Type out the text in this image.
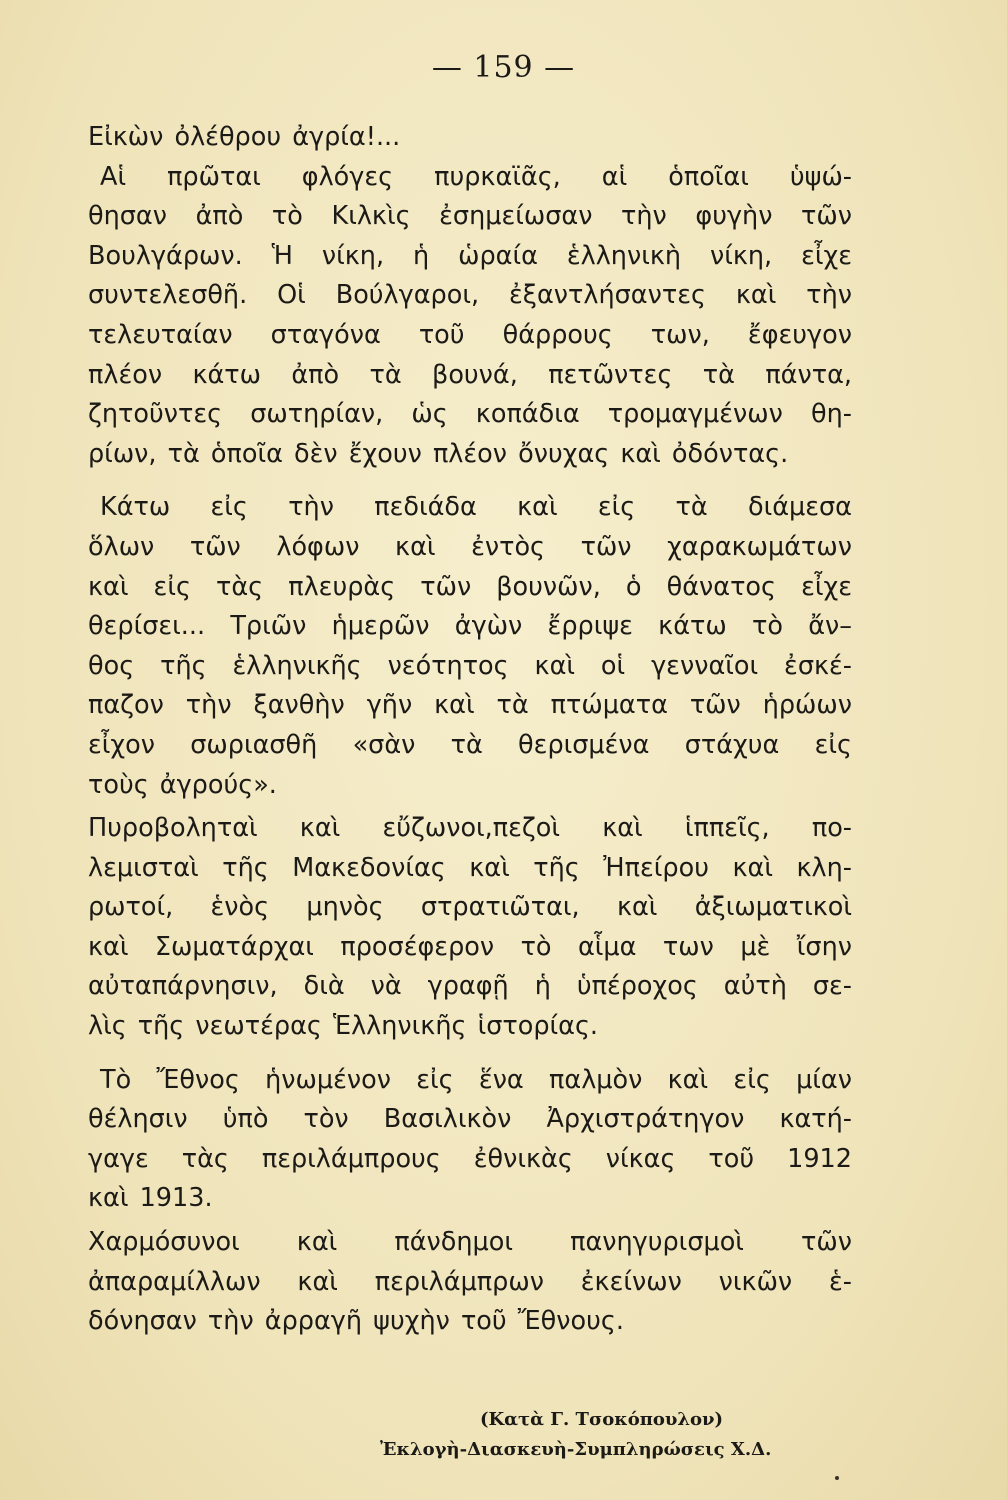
— 159 —
Εἰκὼν ὀλέθρου ἀγρία!...
Αἱ πρῶται φλόγες πυρκαϊᾶς, αἱ ὁποῖαι ὑψώ-
θησαν ἀπὸ τὸ Κιλκὶς ἐσημείωσαν τὴν φυγὴν τῶν
Βουλγάρων. Ἡ νίκη, ἡ ὡραία ἑλληνικὴ νίκη, εἶχε
συντελεσθῆ. Οἱ Βούλγαροι, ἐξαντλήσαντες καὶ τὴν
τελευταίαν σταγόνα τοῦ θάρρους των, ἔφευγον
πλέον κάτω ἀπὸ τὰ βουνά, πετῶντες τὰ πάντα,
ζητοῦντες σωτηρίαν, ὡς κοπάδια τρομαγμένων θη-
ρίων, τὰ ὁποῖα δὲν ἔχουν πλέον ὄνυχας καὶ ὀδόντας.
Κάτω εἰς τὴν πεδιάδα καὶ εἰς τὰ διάμεσα
ὅλων τῶν λόφων καὶ ἐντὸς τῶν χαρακωμάτων
καὶ εἰς τὰς πλευρὰς τῶν βουνῶν, ὁ θάνατος εἶχε
θερίσει... Τριῶν ἡμερῶν ἀγὼν ἔρριψε κάτω τὸ ἄν–
θος τῆς ἑλληνικῆς νεότητος καὶ οἱ γενναῖοι ἐσκέ-
παζον τὴν ξανθὴν γῆν καὶ τὰ πτώματα τῶν ἡρώων
εἶχον σωριασθῆ «σὰν τὰ θερισμένα στάχυα εἰς
τοὺς ἀγρούς».
Πυροβοληταὶ καὶ εὔζωνοι,πεζοὶ καὶ ἱππεῖς, πο-
λεμισταὶ τῆς Μακεδονίας καὶ τῆς Ἠπείρου καὶ κλη-
ρωτοί, ἑνὸς μηνὸς στρατιῶται, καὶ ἀξιωματικοὶ
καὶ Σωματάρχαι προσέφερον τὸ αἷμα των μὲ ἴσην
αὐταπάρνησιν, διὰ νὰ γραφῇ ἡ ὑπέροχος αὐτὴ σε-
λὶς τῆς νεωτέρας Ἑλληνικῆς ἱστορίας.
Τὸ Ἔθνος ἡνωμένον εἰς ἕνα παλμὸν καὶ εἰς μίαν
θέλησιν ὑπὸ τὸν Βασιλικὸν Ἀρχιστράτηγον κατή-
γαγε τὰς περιλάμπρους ἐθνικὰς νίκας τοῦ 1912
καὶ 1913.
Χαρμόσυνοι καὶ πάνδημοι πανηγυρισμοὶ τῶν
ἀπαραμίλλων καὶ περιλάμπρων ἐκείνων νικῶν ἑ-
δόνησαν τὴν ἀρραγῆ ψυχὴν τοῦ Ἔθνους.
(Κατὰ Γ. Τσοκόπουλον)
Ἐκλογὴ-Διασκευὴ-Συμπληρώσεις Χ.Δ.
